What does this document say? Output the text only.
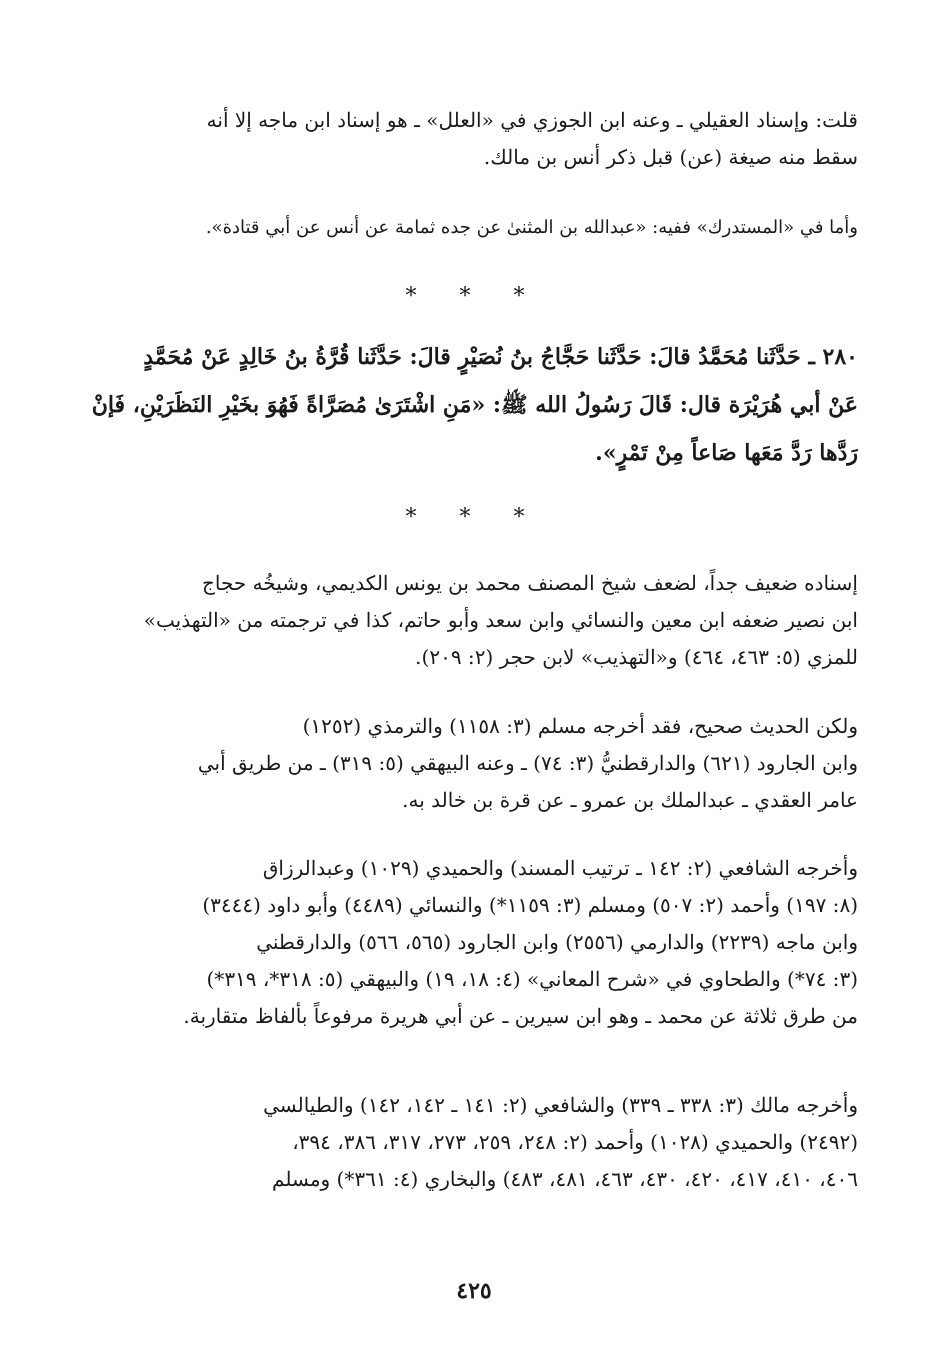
قلت: وإسناد العقيلي ـ وعنه ابن الجوزي في «العلل» ـ هو إسناد ابن ماجه إلا أنه
سقط منه صيغة (عن) قبل ذكر أنس بن مالك.
وأما في «المستدرك» ففيه: «عبدالله بن المثنىٰ عن جده ثمامة عن أنس عن أبي قتادة».
* * *
٢٨٠ ـ حَدَّثَنا مُحَمَّدُ قالَ: حَدَّثَنا حَجَّاجُ بنُ نُصَيْرٍ قالَ: حَدَّثَنا قُرَّةُ بنُ خَالِدٍ عَنْ مُحَمَّدٍ
عَنْ أبي هُرَيْرَة قال: قَالَ رَسُولُ الله ﷺ: «مَنِ اشْتَرَىٰ مُصَرَّاةً فَهُوَ بخَيْرِ النَظَرَيْنِ، فَإنْ
رَدَّها رَدَّ مَعَها صَاعاً مِنْ تَمْرٍ».
* * *
إسناده ضعيف جداً، لضعف شيخ المصنف محمد بن يونس الكديمي، وشيخُه حجاج
ابن نصير ضعفه ابن معين والنسائي وابن سعد وأبو حاتم، كذا في ترجمته من «التهذيب»
للمزي (٥: ٤٦٣، ٤٦٤) و«التهذيب» لابن حجر (٢: ٢٠٩).
ولكن الحديث صحيح، فقد أخرجه مسلم (٣: ١١٥٨) والترمذي (١٢٥٢)
وابن الجارود (٦٢١) والدارقطنيُّ (٣: ٧٤) ـ وعنه البيهقي (٥: ٣١٩) ـ من طريق أبي
عامر العقدي ـ عبدالملك بن عمرو ـ عن قرة بن خالد به.
وأخرجه الشافعي (٢: ١٤٢ ـ ترتيب المسند) والحميدي (١٠٢٩) وعبدالرزاق
(٨: ١٩٧) وأحمد (٢: ٥٠٧) ومسلم (٣: ١١٥٩*) والنسائي (٤٤٨٩) وأبو داود (٣٤٤٤)
وابن ماجه (٢٢٣٩) والدارمي (٢٥٥٦) وابن الجارود (٥٦٥، ٥٦٦) والدارقطني
(٣: ٧٤*) والطحاوي في «شرح المعاني» (٤: ١٨، ١٩) والبيهقي (٥: ٣١٨*، ٣١٩*)
من طرق ثلاثة عن محمد ـ وهو ابن سيرين ـ عن أبي هريرة مرفوعاً بألفاظ متقاربة.
وأخرجه مالك (٣: ٣٣٨ ـ ٣٣٩) والشافعي (٢: ١٤١ ـ ١٤٢، ١٤٢) والطيالسي
(٢٤٩٢) والحميدي (١٠٢٨) وأحمد (٢: ٢٤٨، ٢٥٩، ٢٧٣، ٣١٧، ٣٨٦، ٣٩٤،
٤٠٦، ٤١٠، ٤١٧، ٤٢٠، ٤٣٠، ٤٦٣، ٤٨١، ٤٨٣) والبخاري (٤: ٣٦١*) ومسلم
٤٢٥
